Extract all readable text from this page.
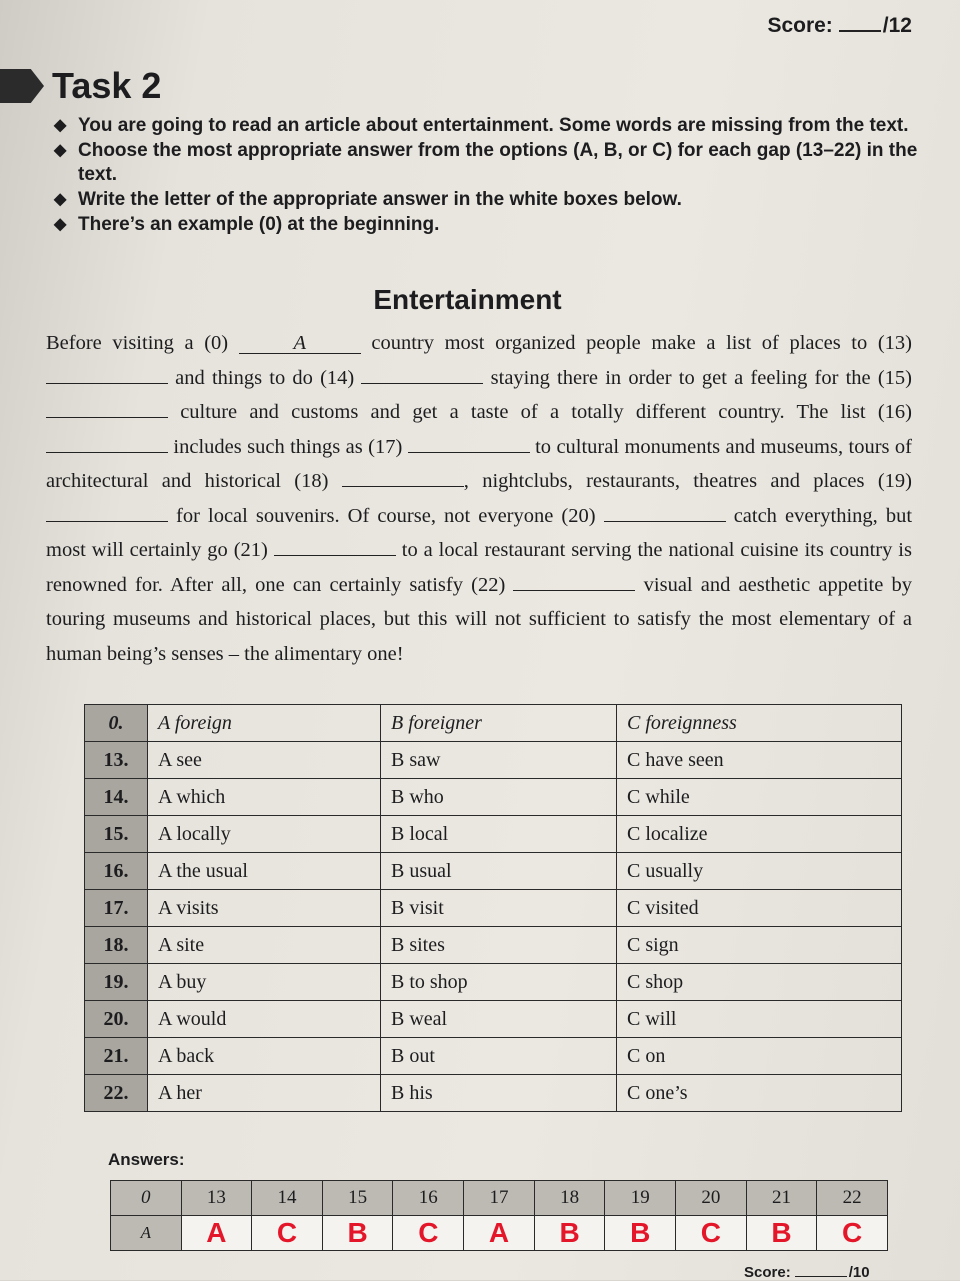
Score: /12
Task 2
◆ You are going to read an article about entertainment. Some words are missing from the text.
◆ Choose the most appropriate answer from the options (A, B, or C) for each gap (13–22) in the text.
◆ Write the letter of the appropriate answer in the white boxes below.
◆ There’s an example (0) at the beginning.
Entertainment
Before visiting a (0)	A	country most organized people make a list of places to (13)  and things to do (14)	staying there in order to get a feeling for the (15)  culture and customs and get a taste of a totally different country. The list (16)  includes such things as (17)	to cultural monuments and museums, tours of architectural and historical (18)	, nightclubs, restaurants, theatres and places (19)  for local souvenirs. Of course, not everyone (20)	catch everything, but most will certainly go (21)	to a local restaurant serving the national cuisine its country is renowned for. After all, one can certainly satisfy (22)	visual and aesthetic appetite by touring museums and historical places, but this will not sufficient to satisfy the most elementary of a human being’s senses – the alimentary one!
0.	A foreign	B foreigner	C foreignness
13.	A see	B saw	C have seen
14.	A which	B who	C while
15.	A locally	B local	C localize
16.	A the usual	B usual	C usually
17.	A visits	B visit	C visited
18.	A site	B sites	C sign
19.	A buy	B to shop	C shop
20.	A would	B weal	C will
21.	A back	B out	C on
22.	A her	B his	C one’s
Answers:
0	13	14	15	16	17	18	19	20	21	22
A	A	C	B	C	A	B	B	C	B	C
Score:	/10
